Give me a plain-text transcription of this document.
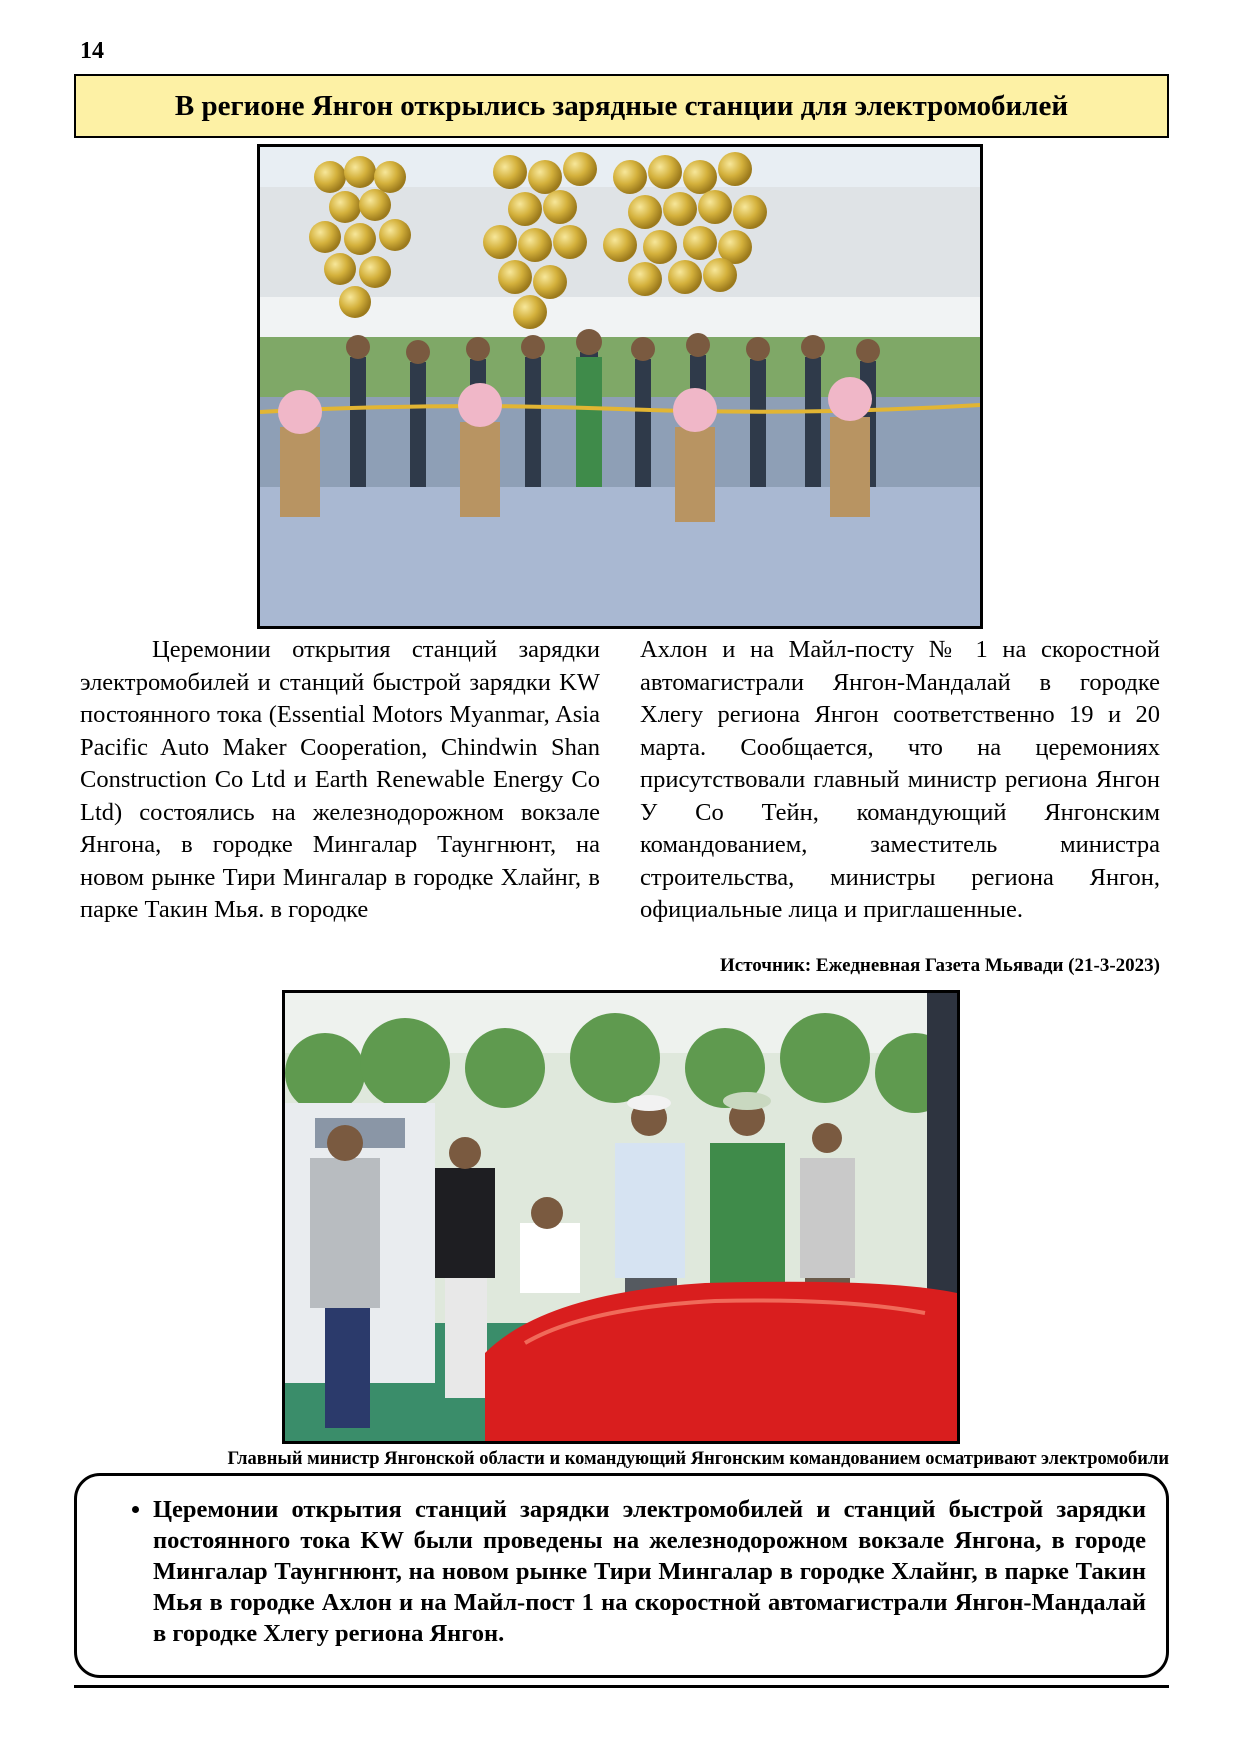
14
В регионе Янгон открылись зарядные станции для электромобилей
Церемонии открытия станций зарядки электромобилей и станций быстрой зарядки KW постоянного тока (Essential Motors Myanmar, Asia Pacific Auto Maker Cooperation, Chindwin Shan Construction Co Ltd и Earth Renewable Energy Co Ltd) состоялись на железнодорожном вокзале Янгона, в городке Мингалар Таунгнюнт, на новом рынке Тири Мингалар в городке Хлайнг, в парке Такин Мья. в городке
Ахлон и на Майл-посту № 1 на скоростной автомагистрали Янгон-Мандалай в городке Хлегу региона Янгон соответственно 19 и 20 марта. Сообщается, что на церемониях присутствовали главный министр региона Янгон У Со Тейн, командующий Янгонским командованием, заместитель министра строительства, министры региона Янгон, официальные лица и приглашенные.
Источник: Ежедневная Газета Мьявади (21-3-2023)
Главный министр Янгонской области и командующий Янгонским командованием осматривают электромобили
• Церемонии открытия станций зарядки электромобилей и станций быстрой зарядки постоянного тока KW были проведены на железнодорожном вокзале Янгона, в городе Мингалар Таунгнюнт, на новом рынке Тири Мингалар в городке Хлайнг, в парке Такин Мья в городке Ахлон и на Майл-пост 1 на скоростной автомагистрали Янгон-Мандалай в городке Хлегу региона Янгон.
